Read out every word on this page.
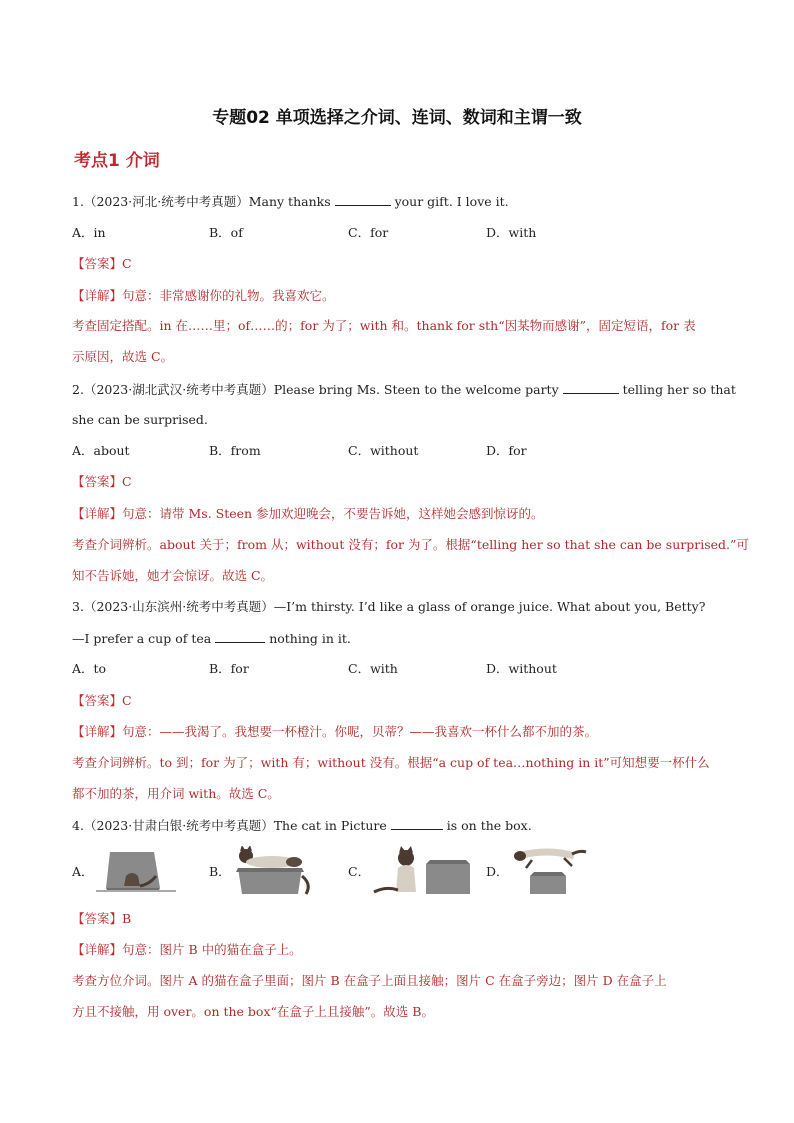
专题02 单项选择之介词、连词、数词和主谓一致
考点1 介词
1.（2023·河北·统考中考真题）Many thanks	your gift. I love it.
A．in	B．of	C．for	D．with
【答案】C
【详解】句意：非常感谢你的礼物。我喜欢它。
考查固定搭配。in 在……里；of……的；for 为了；with 和。thank for sth“因某物而感谢”，固定短语，for 表
示原因，故选 C。
2.（2023·湖北武汉·统考中考真题）Please bring Ms. Steen to the welcome party	telling her so that
she can be surprised.
A．about	B．from	C．without	D．for
【答案】C
【详解】句意：请带 Ms. Steen 参加欢迎晚会，不要告诉她，这样她会感到惊讶的。
考查介词辨析。about 关于；from 从；without 没有；for 为了。根据“telling her so that she can be surprised.”可
知不告诉她，她才会惊讶。故选 C。
3.（2023·山东滨州·统考中考真题）—I’m thirsty. I’d like a glass of orange juice. What about you, Betty?
—I prefer a cup of tea	nothing in it.
A．to	B．for	C．with	D．without
【答案】C
【详解】句意：——我渴了。我想要一杯橙汁。你呢，贝蒂？——我喜欢一杯什么都不加的茶。
考查介词辨析。to 到；for 为了；with 有；without 没有。根据“a cup of tea…nothing in it”可知想要一杯什么
都不加的茶，用介词 with。故选 C。
4.（2023·甘肃白银·统考中考真题）The cat in Picture	is on the box.
A．	B．	C．	D．
【答案】B
【详解】句意：图片 B 中的猫在盒子上。
考查方位介词。图片 A 的猫在盒子里面；图片 B 在盒子上面且接触；图片 C 在盒子旁边；图片 D 在盒子上
方且不接触，用 over。on the box“在盒子上且接触”。故选 B。
